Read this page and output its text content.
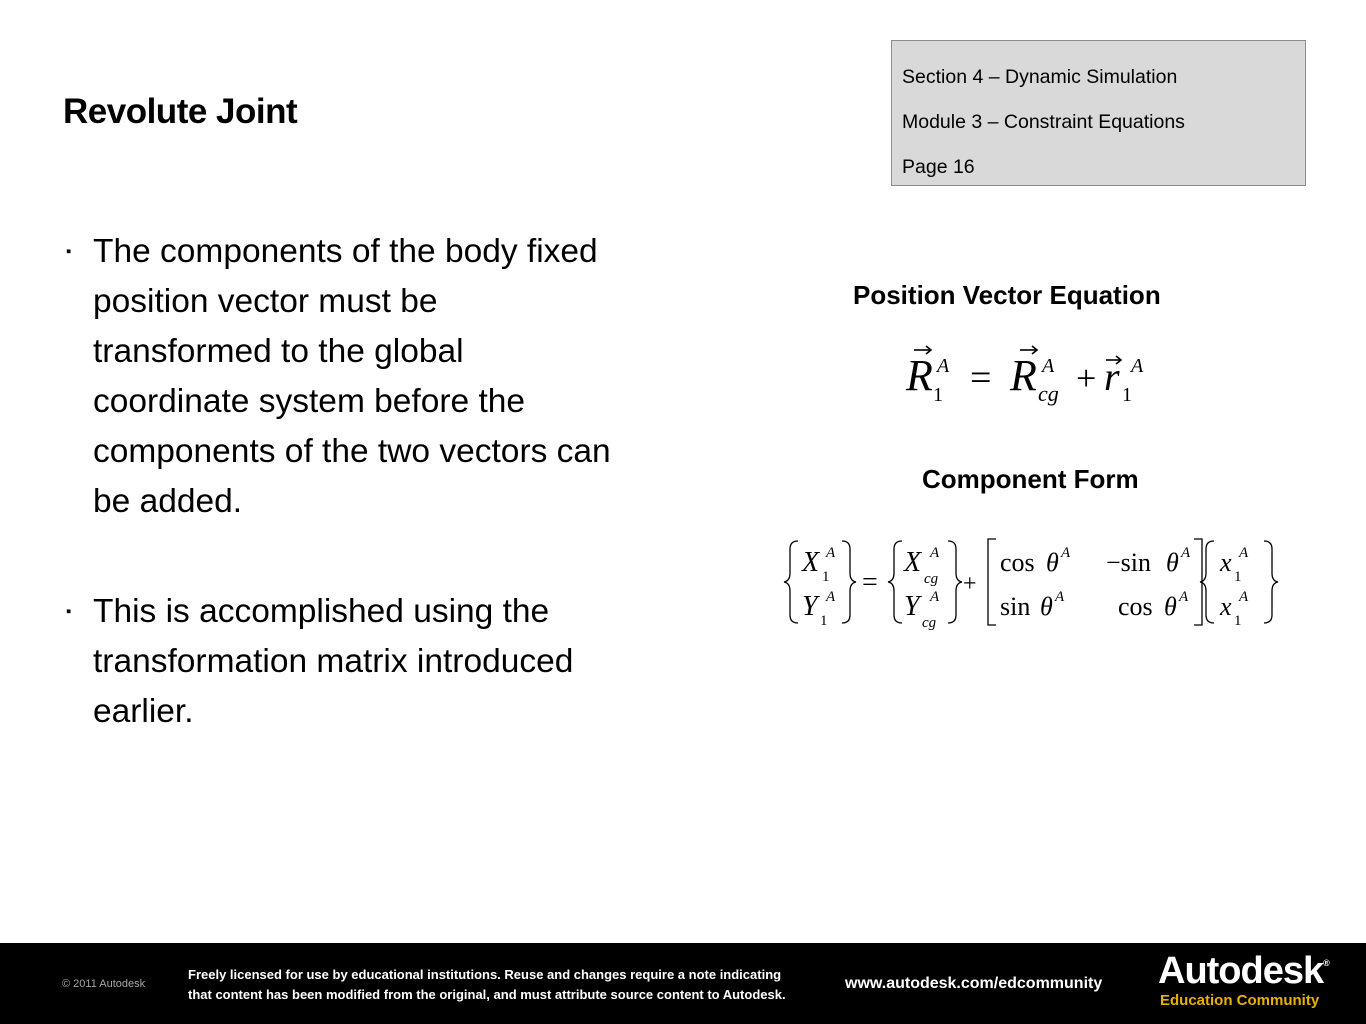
Revolute Joint
Section 4 – Dynamic Simulation
Module 3 – Constraint Equations
Page 16
▪ The components of the body fixed
position vector must be
transformed to the global
coordinate system before the
components of the two vectors can
be added.
▪ This is accomplished using the
transformation matrix introduced
earlier.
Position Vector Equation
R 1
A = R cg
A + r 1
A
Component Form
X 1
A
Y 1
A =
X
cg
A
Y
cg
A +
cos θ A −sin θ A
sin θ A cos θ A
x 1
A
x 1
A
© 2011 Autodesk
Freely licensed for use by educational institutions. Reuse and changes require a note indicating
that content has been modified from the original, and must attribute source content to Autodesk.
www.autodesk.com/edcommunity Autodesk®
Education Community
